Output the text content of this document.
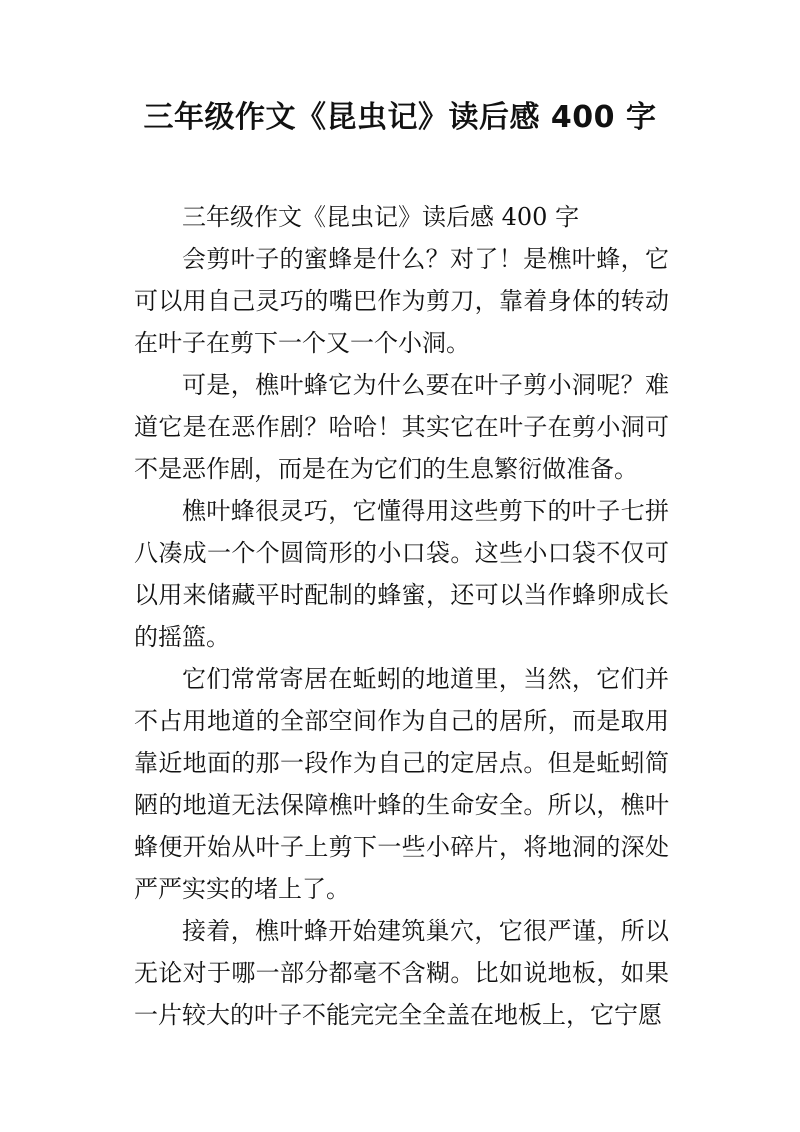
三年级作文《昆虫记》读后感 400 字

三年级作文《昆虫记》读后感 400 字

会剪叶子的蜜蜂是什么？对了！是樵叶蜂，它可以用自己灵巧的嘴巴作为剪刀，靠着身体的转动在叶子在剪下一个又一个小洞。

可是，樵叶蜂它为什么要在叶子剪小洞呢？难道它是在恶作剧？哈哈！其实它在叶子在剪小洞可不是恶作剧，而是在为它们的生息繁衍做准备。

樵叶蜂很灵巧，它懂得用这些剪下的叶子七拼八凑成一个个圆筒形的小口袋。这些小口袋不仅可以用来储藏平时配制的蜂蜜，还可以当作蜂卵成长的摇篮。

它们常常寄居在蚯蚓的地道里，当然，它们并不占用地道的全部空间作为自己的居所，而是取用靠近地面的那一段作为自己的定居点。但是蚯蚓简陋的地道无法保障樵叶蜂的生命安全。所以，樵叶蜂便开始从叶子上剪下一些小碎片，将地洞的深处严严实实的堵上了。

接着，樵叶蜂开始建筑巢穴，它很严谨，所以无论对于哪一部分都毫不含糊。比如说地板，如果一片较大的叶子不能完完全全盖在地板上，它宁愿
